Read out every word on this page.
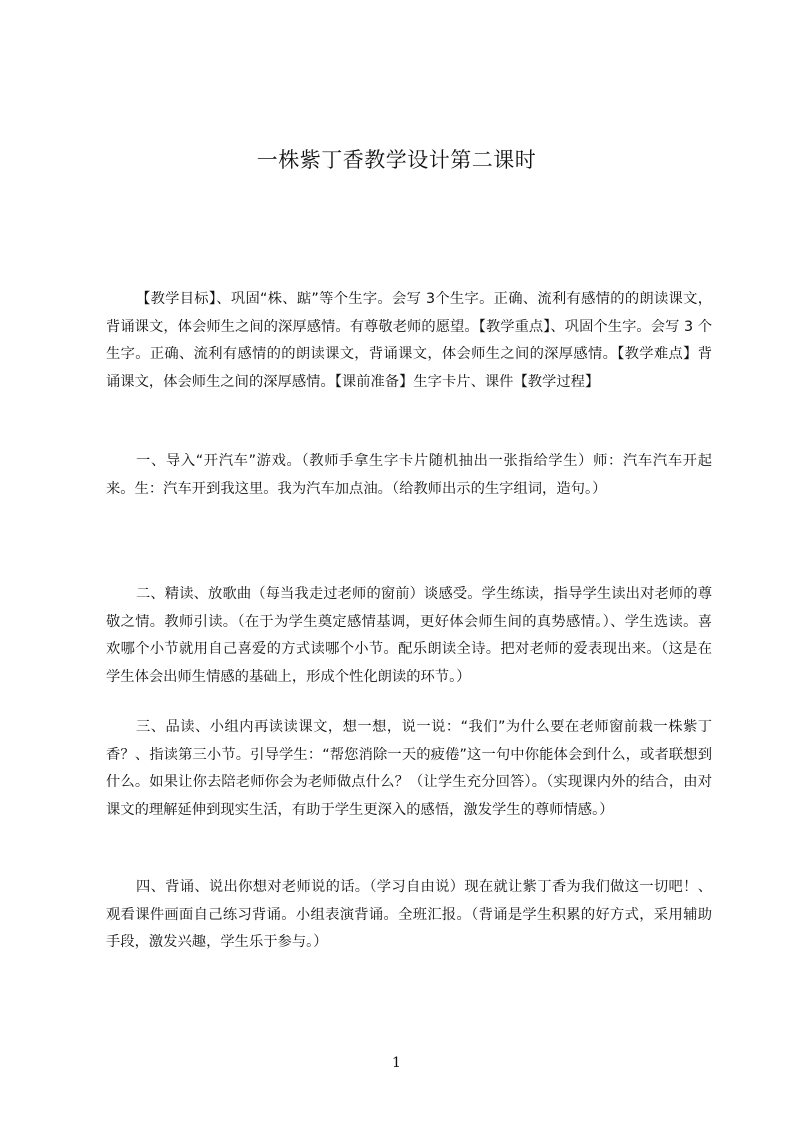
一株紫丁香教学设计第二课时

【教学目标】、巩固“株、踮”等个生字。会写 3个生字。正确、流利有感情的的朗读课文，背诵课文，体会师生之间的深厚感情。有尊敬老师的愿望。【教学重点】、巩固个生字。会写 3 个生字。正确、流利有感情的的朗读课文，背诵课文，体会师生之间的深厚感情。【教学难点】背诵课文，体会师生之间的深厚感情。【课前准备】生字卡片、课件【教学过程】

一、导入“开汽车”游戏。（教师手拿生字卡片随机抽出一张指给学生）师：汽车汽车开起来。生：汽车开到我这里。我为汽车加点油。（给教师出示的生字组词，造句。）

二、精读、放歌曲（每当我走过老师的窗前）谈感受。学生练读，指导学生读出对老师的尊敬之情。教师引读。（在于为学生奠定感情基调，更好体会师生间的真势感情。）、学生选读。喜欢哪个小节就用自己喜爱的方式读哪个小节。配乐朗读全诗。把对老师的爱表现出来。（这是在学生体会出师生情感的基础上，形成个性化朗读的环节。）

三、品读、小组内再读读课文，想一想，说一说：“我们”为什么要在老师窗前栽一株紫丁香？、指读第三小节。引导学生：“帮您消除一天的疲倦”这一句中你能体会到什么，或者联想到什么。如果让你去陪老师你会为老师做点什么？（让学生充分回答）。（实现课内外的结合，由对课文的理解延伸到现实生活，有助于学生更深入的感悟，激发学生的尊师情感。）

四、背诵、说出你想对老师说的话。（学习自由说）现在就让紫丁香为我们做这一切吧！、观看课件画面自己练习背诵。小组表演背诵。全班汇报。（背诵是学生积累的好方式，采用辅助手段，激发兴趣，学生乐于参与。）

1
